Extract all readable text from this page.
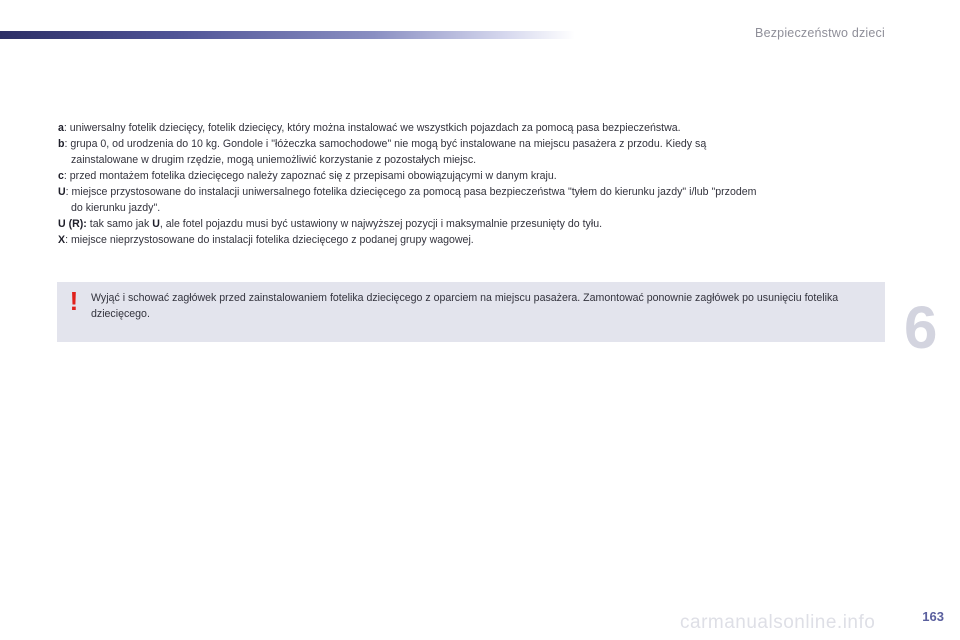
Bezpieczeństwo dzieci

a: uniwersalny fotelik dziecięcy, fotelik dziecięcy, który można instalować we wszystkich pojazdach za pomocą pasa bezpieczeństwa.

b: grupa 0, od urodzenia do 10 kg. Gondole i "łóżeczka samochodowe" nie mogą być instalowane na miejscu pasażera z przodu. Kiedy są
zainstalowane w drugim rzędzie, mogą uniemożliwić korzystanie z pozostałych miejsc.

c: przed montażem fotelika dziecięcego należy zapoznać się z przepisami obowiązującymi w danym kraju.

U: miejsce przystosowane do instalacji uniwersalnego fotelika dziecięcego za pomocą pasa bezpieczeństwa "tyłem do kierunku jazdy" i/lub "przodem
do kierunku jazdy".

U (R): tak samo jak U, ale fotel pojazdu musi być ustawiony w najwyższej pozycji i maksymalnie przesunięty do tyłu.

X: miejsce nieprzystosowane do instalacji fotelika dziecięcego z podanej grupy wagowej.

! Wyjąć i schować zagłówek przed zainstalowaniem fotelika dziecięcego z oparciem na miejscu pasażera. Zamontować ponownie zagłówek po usunięciu fotelika dziecięcego.	6
carmanualsonline.info	163
